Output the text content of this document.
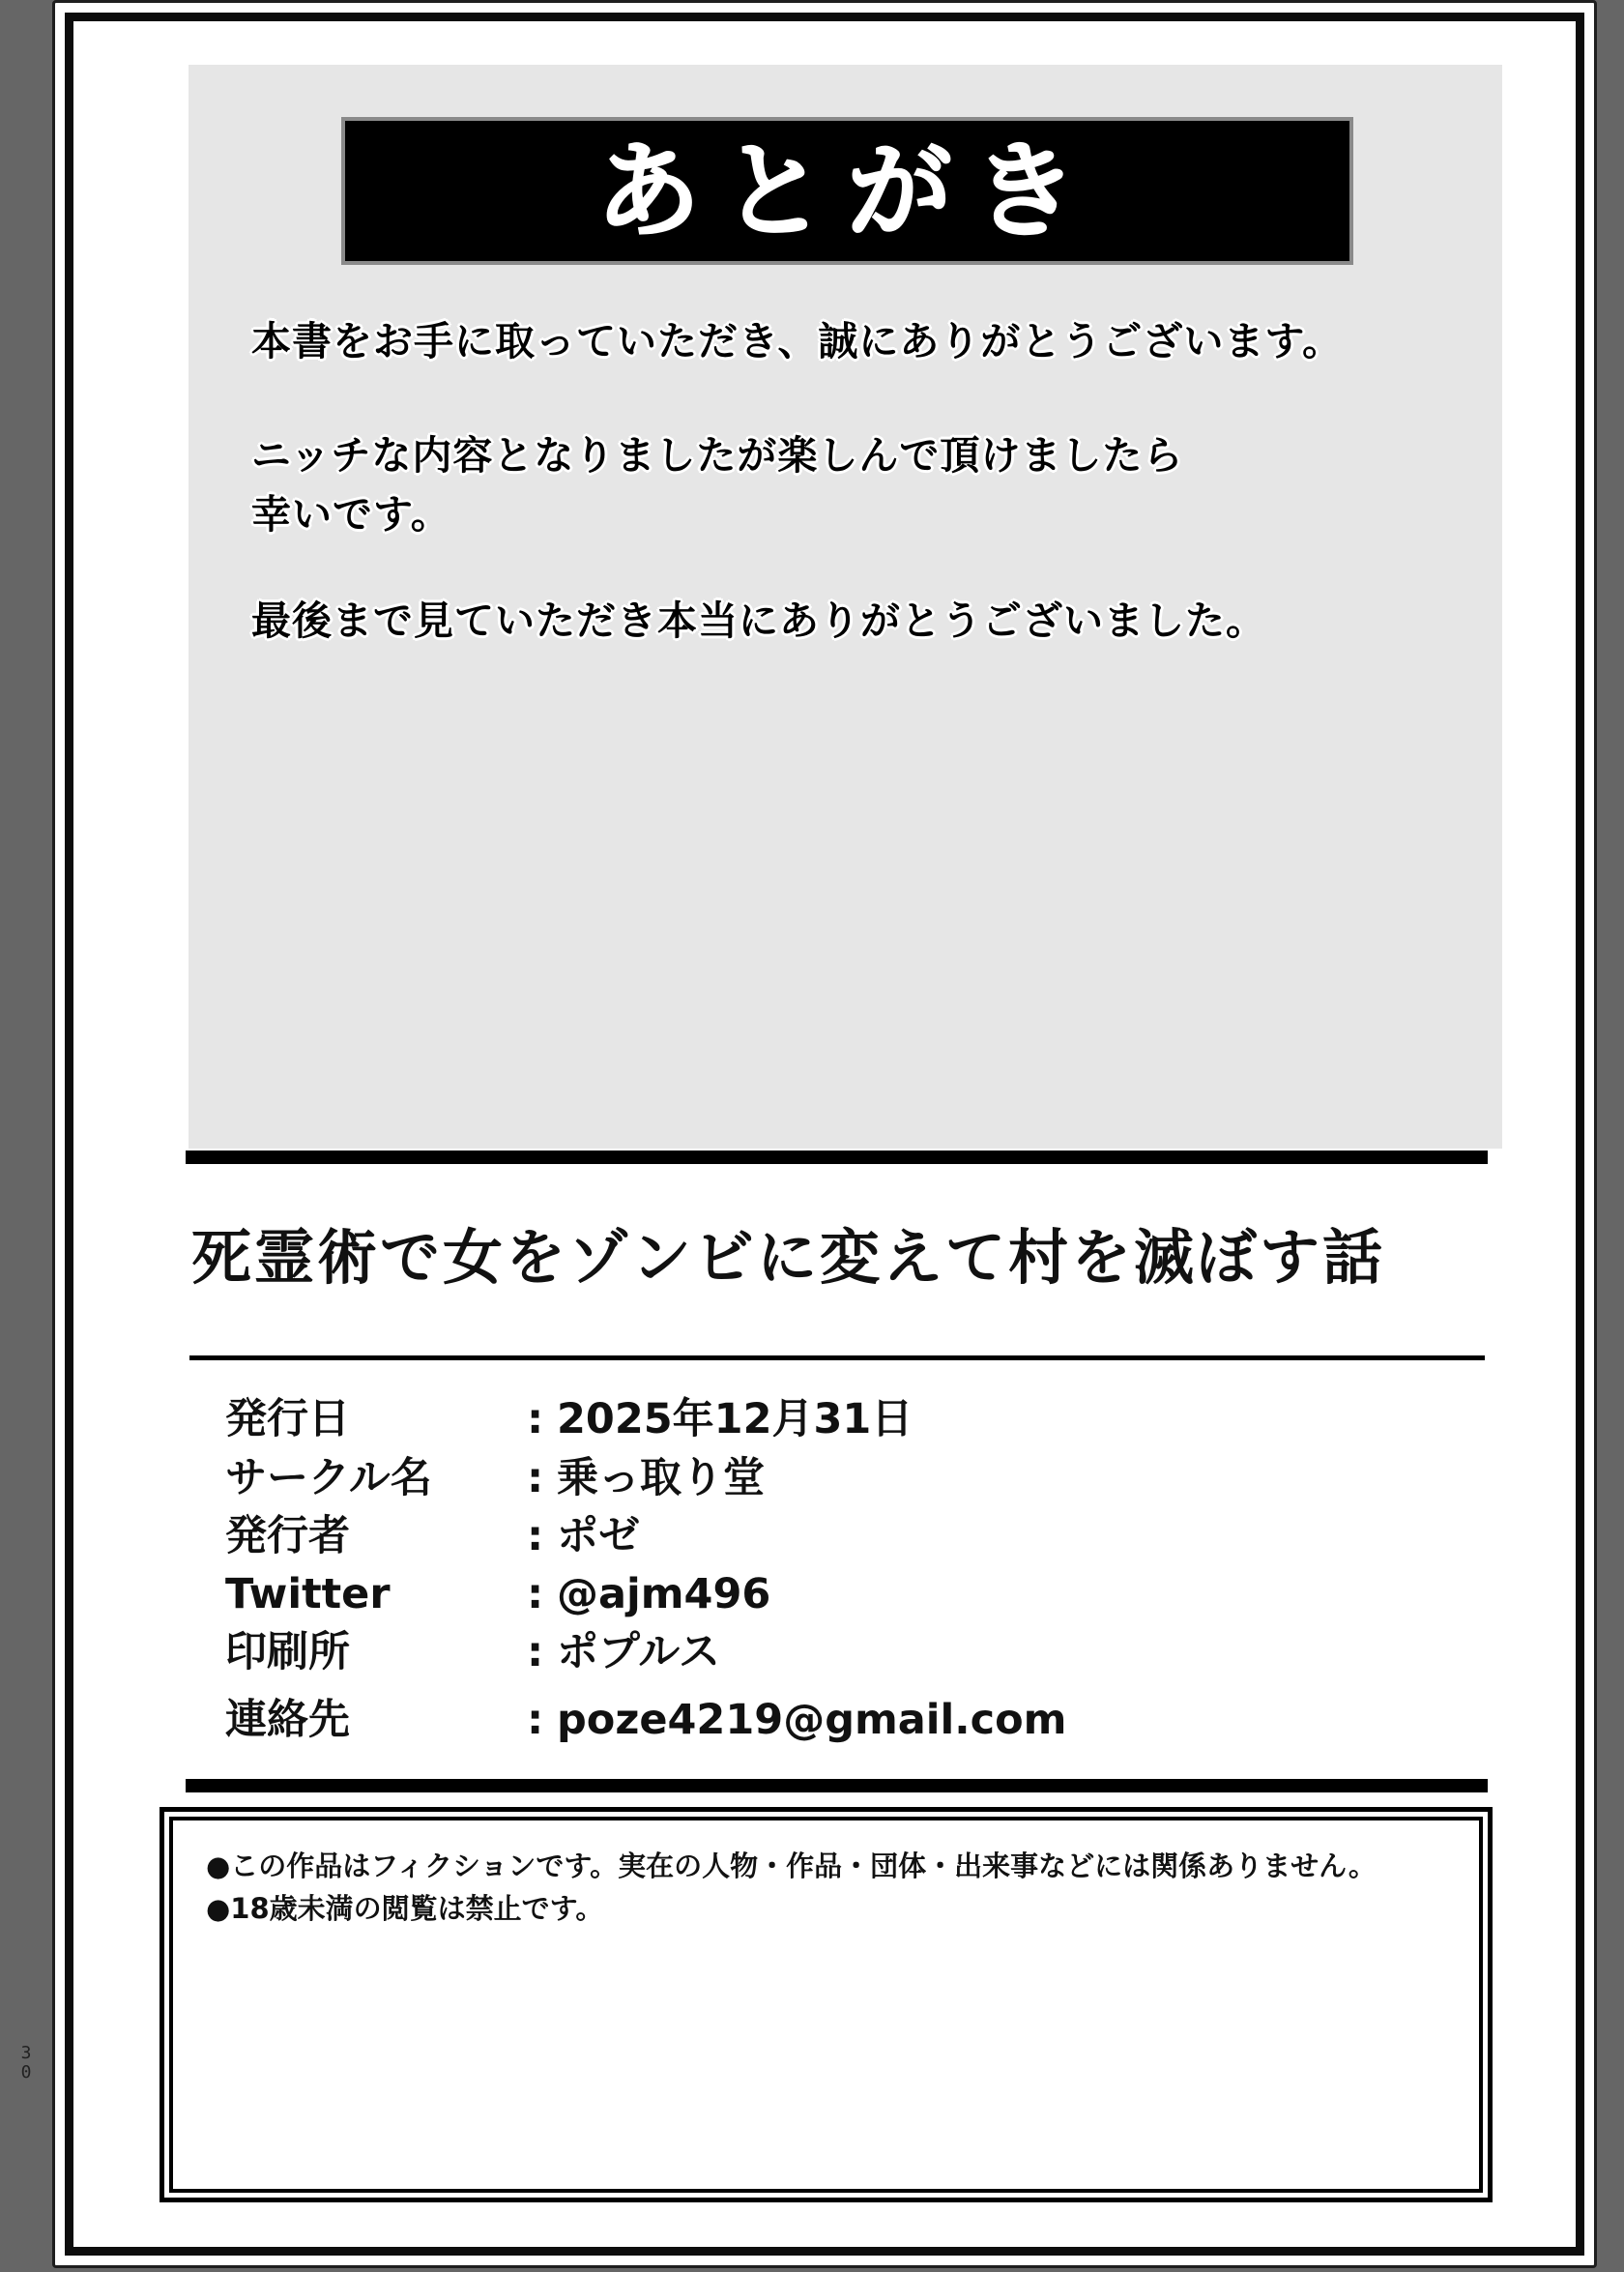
あとがき
本書をお手に取っていただき、誠にありがとうございます。
ニッチな内容となりましたが楽しんで頂けましたら
幸いです。
最後まで見ていただき本当にありがとうございました。
死霊術で女をゾンビに変えて村を滅ぼす話
発行日	: 2025年12月31日
サークル名 : 乗っ取り堂
発行者	: ポゼ
Twitter	: @ajm496
印刷所	: ポプルス
連絡先	: poze4219@gmail.com
●この作品はフィクションです。実在の人物・作品・団体・出来事などには関係ありません。
●18歳未満の閲覧は禁止です。
3
0
